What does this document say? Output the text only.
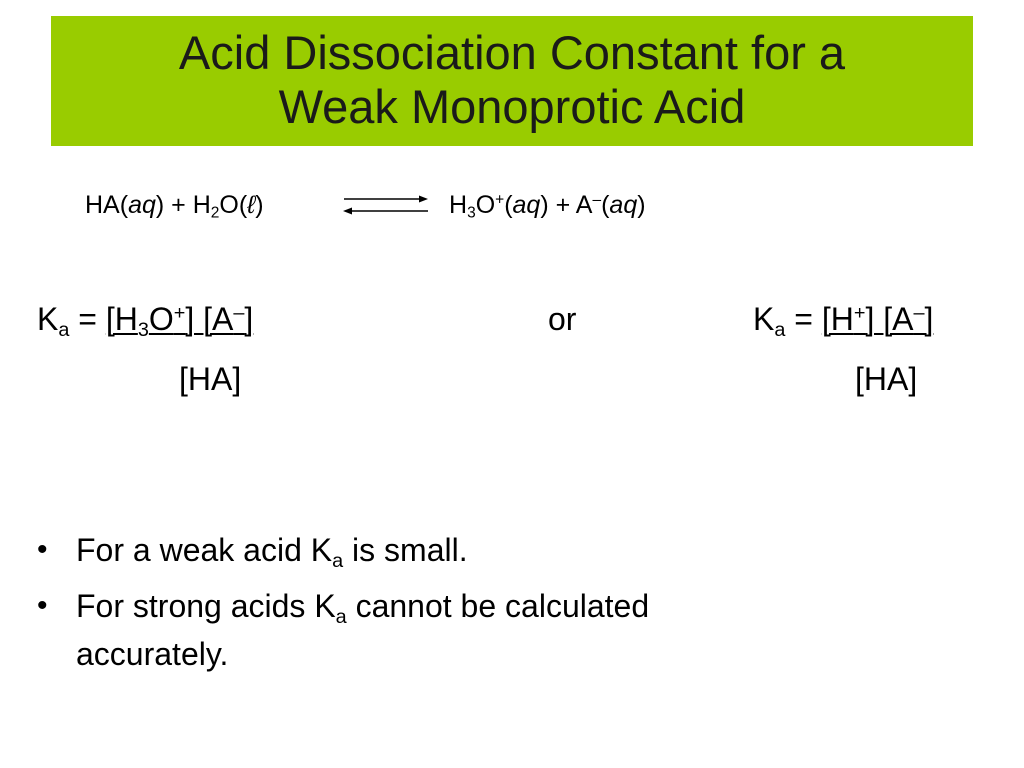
Acid Dissociation Constant for a
Weak Monoprotic Acid
$HA(aq) + H_2O(\ell)$	$H_3O^+(aq) + A^-(aq)$
$K_a = [H_3O^+]$ [A–]
[HA]
or	$K_a = [H^+]$ [A–]
[HA]
• For a weak acid $K_a$ is small.
• For strong acids $K_a$ cannot be calculated
accurately.
